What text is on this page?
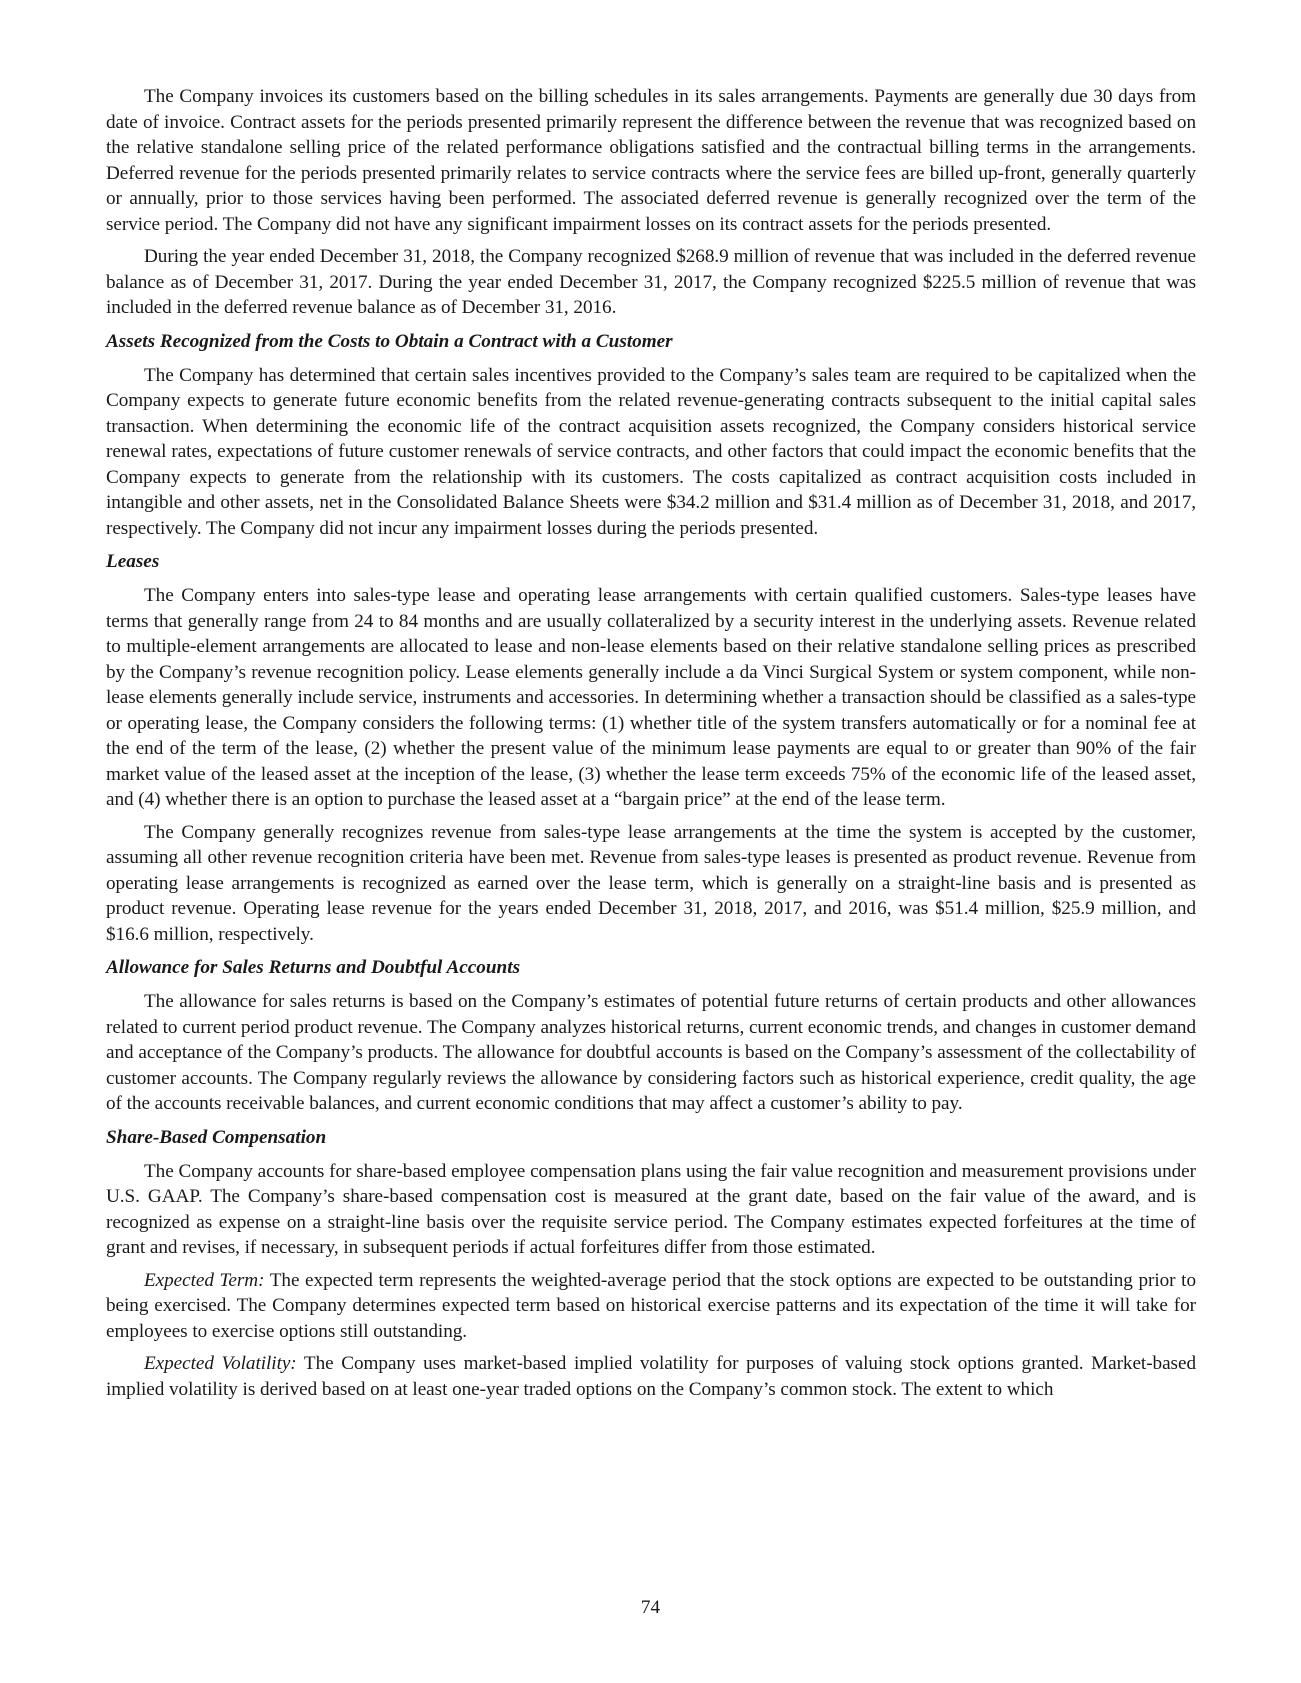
The Company invoices its customers based on the billing schedules in its sales arrangements. Payments are generally due 30 days from date of invoice. Contract assets for the periods presented primarily represent the difference between the revenue that was recognized based on the relative standalone selling price of the related performance obligations satisfied and the contractual billing terms in the arrangements. Deferred revenue for the periods presented primarily relates to service contracts where the service fees are billed up-front, generally quarterly or annually, prior to those services having been performed. The associated deferred revenue is generally recognized over the term of the service period. The Company did not have any significant impairment losses on its contract assets for the periods presented.

During the year ended December 31, 2018, the Company recognized $268.9 million of revenue that was included in the deferred revenue balance as of December 31, 2017. During the year ended December 31, 2017, the Company recognized $225.5 million of revenue that was included in the deferred revenue balance as of December 31, 2016.

Assets Recognized from the Costs to Obtain a Contract with a Customer

The Company has determined that certain sales incentives provided to the Company’s sales team are required to be capitalized when the Company expects to generate future economic benefits from the related revenue-generating contracts subsequent to the initial capital sales transaction. When determining the economic life of the contract acquisition assets recognized, the Company considers historical service renewal rates, expectations of future customer renewals of service contracts, and other factors that could impact the economic benefits that the Company expects to generate from the relationship with its customers. The costs capitalized as contract acquisition costs included in intangible and other assets, net in the Consolidated Balance Sheets were $34.2 million and $31.4 million as of December 31, 2018, and 2017, respectively. The Company did not incur any impairment losses during the periods presented.

Leases

The Company enters into sales-type lease and operating lease arrangements with certain qualified customers. Sales-type leases have terms that generally range from 24 to 84 months and are usually collateralized by a security interest in the underlying assets. Revenue related to multiple-element arrangements are allocated to lease and non-lease elements based on their relative standalone selling prices as prescribed by the Company’s revenue recognition policy. Lease elements generally include a da Vinci Surgical System or system component, while non-lease elements generally include service, instruments and accessories. In determining whether a transaction should be classified as a sales-type or operating lease, the Company considers the following terms: (1) whether title of the system transfers automatically or for a nominal fee at the end of the term of the lease, (2) whether the present value of the minimum lease payments are equal to or greater than 90% of the fair market value of the leased asset at the inception of the lease, (3) whether the lease term exceeds 75% of the economic life of the leased asset, and (4) whether there is an option to purchase the leased asset at a “bargain price” at the end of the lease term.

The Company generally recognizes revenue from sales-type lease arrangements at the time the system is accepted by the customer, assuming all other revenue recognition criteria have been met. Revenue from sales-type leases is presented as product revenue. Revenue from operating lease arrangements is recognized as earned over the lease term, which is generally on a straight-line basis and is presented as product revenue. Operating lease revenue for the years ended December 31, 2018, 2017, and 2016, was $51.4 million, $25.9 million, and $16.6 million, respectively.

Allowance for Sales Returns and Doubtful Accounts

The allowance for sales returns is based on the Company’s estimates of potential future returns of certain products and other allowances related to current period product revenue. The Company analyzes historical returns, current economic trends, and changes in customer demand and acceptance of the Company’s products. The allowance for doubtful accounts is based on the Company’s assessment of the collectability of customer accounts. The Company regularly reviews the allowance by considering factors such as historical experience, credit quality, the age of the accounts receivable balances, and current economic conditions that may affect a customer’s ability to pay.

Share-Based Compensation

The Company accounts for share-based employee compensation plans using the fair value recognition and measurement provisions under U.S. GAAP. The Company’s share-based compensation cost is measured at the grant date, based on the fair value of the award, and is recognized as expense on a straight-line basis over the requisite service period. The Company estimates expected forfeitures at the time of grant and revises, if necessary, in subsequent periods if actual forfeitures differ from those estimated.

Expected Term: The expected term represents the weighted-average period that the stock options are expected to be outstanding prior to being exercised. The Company determines expected term based on historical exercise patterns and its expectation of the time it will take for employees to exercise options still outstanding.

Expected Volatility: The Company uses market-based implied volatility for purposes of valuing stock options granted. Market-based implied volatility is derived based on at least one-year traded options on the Company’s common stock. The extent to which

74
